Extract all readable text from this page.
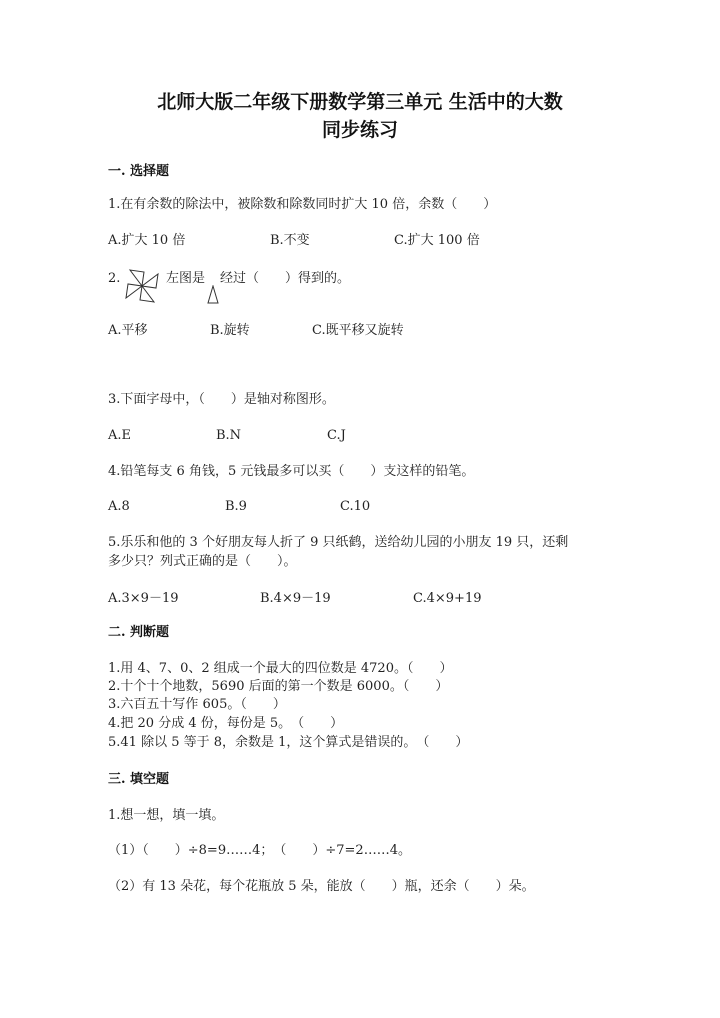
北师大版二年级下册数学第三单元 生活中的大数
同步练习
一. 选择题
1.在有余数的除法中，被除数和除数同时扩大 10 倍，余数（　　）
A.扩大 10 倍	B.不变	C.扩大 100 倍
2.	左图是 经过（　　）得到的。
A.平移	B.旋转	C.既平移又旋转
3.下面字母中，（　　）是轴对称图形。
A.E	B.N	C.J
4.铅笔每支 6 角钱，5 元钱最多可以买（　　）支这样的铅笔。
A.8	B.9	C.10
5.乐乐和他的 3 个好朋友每人折了 9 只纸鹤，送给幼儿园的小朋友 19 只，还剩
多少只？列式正确的是（　　）。
A.3×9－19	B.4×9－19	C.4×9+19
二. 判断题
1.用 4、7、0、2 组成一个最大的四位数是 4720。（　　）
2.十个十个地数，5690 后面的第一个数是 6000。（　　）
3.六百五十写作 605。（　　）
4.把 20 分成 4 份，每份是 5。　（　　）
5.41 除以 5 等于 8，余数是 1，这个算式是错误的。　（　　）
三. 填空题
1.想一想，填一填。
（1）（　　）÷8=9……4；　（　　）÷7=2……4。
（2）有 13 朵花，每个花瓶放 5 朵，能放（　　）瓶，还余（　　）朵。
